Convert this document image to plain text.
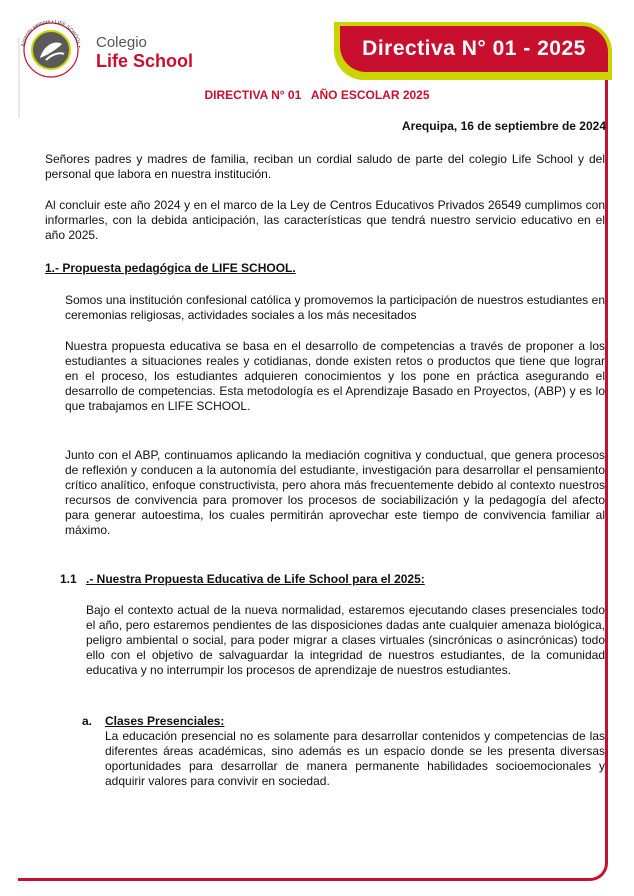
Aprendo siempre • LIFE SCHOOL • Colegio
Life School
Directiva N° 01 - 2025
DIRECTIVA N° 01   AÑO ESCOLAR 2025
Arequipa, 16 de septiembre de 2024

Señores padres y madres de familia, reciban un cordial saludo de parte del colegio Life School y del personal que labora en nuestra institución.

Al concluir este año 2024 y en el marco de la Ley de Centros Educativos Privados 26549 cumplimos con informarles, con la debida anticipación, las características que tendrá nuestro servicio educativo en el año 2025.

1.- Propuesta pedagógica de LIFE SCHOOL.

Somos una institución confesional católica y promovemos la participación de nuestros estudiantes en ceremonias religiosas, actividades sociales a los más necesitados

Nuestra propuesta educativa se basa en el desarrollo de competencias a través de proponer a los estudiantes a situaciones reales y cotidianas, donde existen retos o productos que tiene que lograr en el proceso, los estudiantes adquieren conocimientos y los pone en práctica asegurando el desarrollo de competencias. Esta metodología es el Aprendizaje Basado en Proyectos, (ABP) y es lo que trabajamos en LIFE SCHOOL.

Junto con el ABP, continuamos aplicando la mediación cognitiva y conductual, que genera procesos de reflexión y conducen a la autonomía del estudiante, investigación para desarrollar el pensamiento crítico analítico, enfoque constructivista, pero ahora más frecuentemente debido al contexto nuestros recursos de convivencia para promover los procesos de sociabilización y la pedagogía del afecto para generar autoestima, los cuales permitirán aprovechar este tiempo de convivencia familiar al máximo.

1.1 .- Nuestra Propuesta Educativa de Life School para el 2025:

Bajo el contexto actual de la nueva normalidad, estaremos ejecutando clases presenciales todo el año, pero estaremos pendientes de las disposiciones dadas ante cualquier amenaza biológica, peligro ambiental o social, para poder migrar a clases virtuales (sincrónicas o asincrónicas) todo ello con el objetivo de salvaguardar la integridad de nuestros estudiantes, de la comunidad educativa y no interrumpir los procesos de aprendizaje de nuestros estudiantes.

a. Clases Presenciales:

La educación presencial no es solamente para desarrollar contenidos y competencias de las diferentes áreas académicas, sino además es un espacio donde se les presenta diversas oportunidades para desarrollar de manera permanente habilidades socioemocionales y adquirir valores para convivir en sociedad.
